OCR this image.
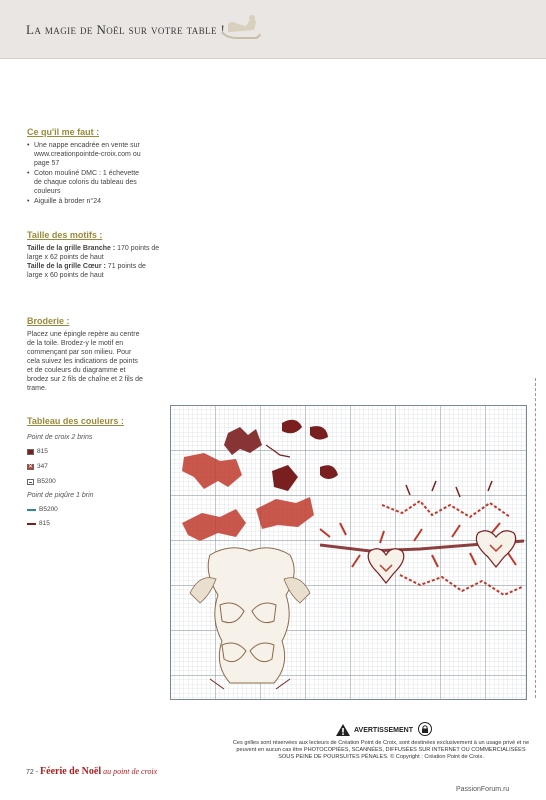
La magie de Noël sur votre table !
Ce qu'il me faut :
• Une nappe encadrée en vente sur www.creationpointde-croix.com ou page 57
• Coton mouliné DMC : 1 échevette de chaque coloris du tableau des couleurs
• Aiguille à broder n°24
Taille des motifs :
Taille de la grille Branche : 170 points de large x 62 points de haut
Taille de la grille Cœur : 71 points de large x 60 points de haut
Broderie :
Placez une épingle repère au centre de la toile. Brodez-y le motif en commençant par son milieu. Pour cela suivez les indications de points et de couleurs du diagramme et brodez sur 2 fils de chaîne et 2 fils de trame.
Tableau des couleurs :
Point de croix 2 brins
815
✕ 347
B5200
Point de piqûre 1 brin
B5200
815
AVERTISSEMENT
Ces grilles sont réservées aux lecteurs de Création Point de Croix, sont destinées exclusivement à un usage privé et ne peuvent en aucun cas être PHOTOCOPIÉES, SCANNÉES, DIFFUSÉES SUR INTERNET OU COMMERCIALISÉES SOUS PEINE DE POURSUITES PÉNALES. © Copyright : Création Point de Croix.
72 - Féerie de Noël au point de croix
PassionForum.ru
